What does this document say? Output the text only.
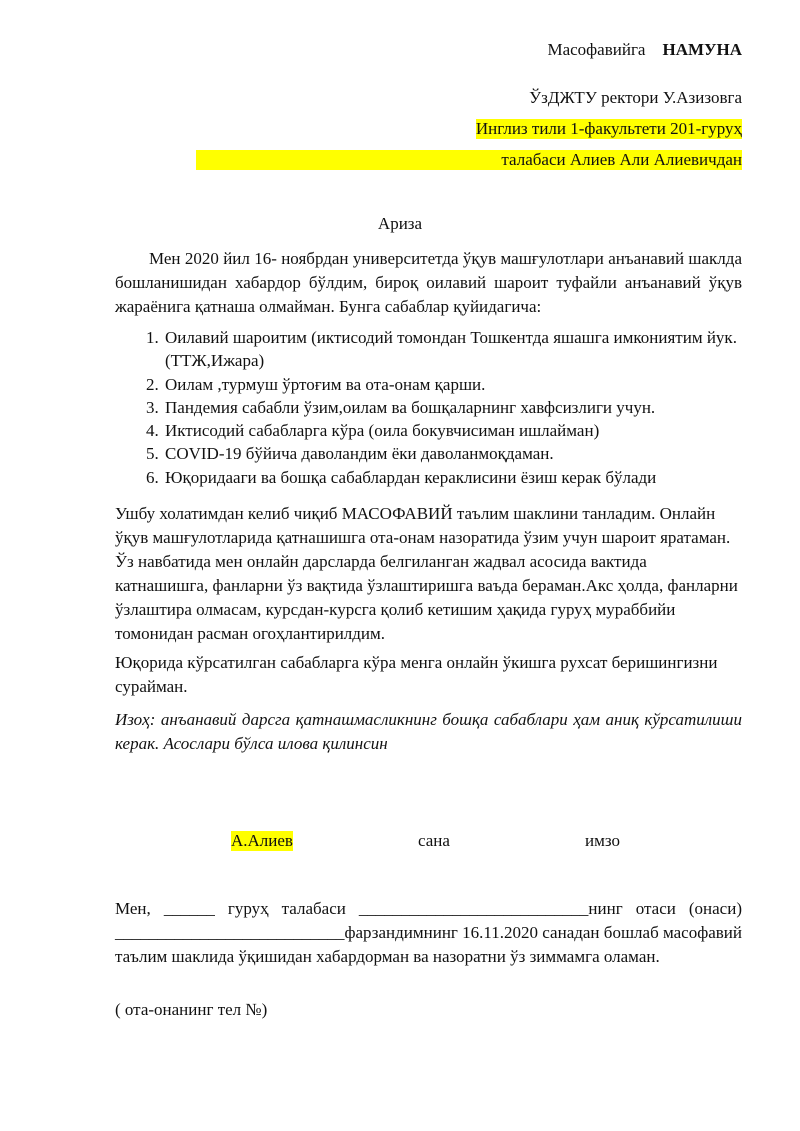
Масофавийга НАМУНА
ЎзДЖТУ ректори У.Азизовга
Инглиз тили 1-факультети 201-гуруҳ
талабаси Алиев Али Алиевичдан
Ариза

Мен 2020 йил 16- ноябрдан университетда ўқув машғулотлари анъанавий шаклда бошланишидан хабардор бўлдим, бироқ оилавий шароит туфайли анъанавий ўқув жараёнига қатнаша олмайман. Бунга сабаблар қуйидагича:

1. Оилавий шароитим (иктисодий томондан Тошкентда яшашга имкониятим йук. (ТТЖ,Ижара)
2. Оилам ,турмуш ўртоғим ва ота-онам қарши.
3. Пандемия сабабли ўзим,оилам ва бошқаларнинг хавфсизлиги учун.
4. Иктисодий сабабларга кўра (оила бокувчисиман ишлайман)
5. COVID-19 бўйича даволандим ёки даволанмоқдаман.
6. Юқоридааги ва бошқа сабаблардан кераклисини ёзиш керак бўлади

Ушбу холатимдан келиб чиқиб МАСОФАВИЙ таълим шаклини танладим. Онлайн ўқув машғулотларида қатнашишга ота-онам назоратида ўзим учун шароит яратаман. Ўз навбатида мен онлайн дарсларда белгиланган жадвал асосида вактида катнашишга, фанларни ўз вақтида ўзлаштиришга ваъда бераман.Акс ҳолда, фанларни ўзлаштира олмасам, курсдан-курсга қолиб кетишим ҳақида гуруҳ мураббийи томонидан расман огоҳлантирилдим.

Юқорида кўрсатилган сабабларга кўра менга онлайн ўкишга рухсат беришингизни сурайман.

Изоҳ: анъанавий дарсга қатнашмасликнинг бошқа сабаблари ҳам аниқ кўрсатилиши керак. Асослари бўлса илова қилинсин

А.Алиев	сана	имзо

Мен, ______ гуруҳ талабаси ___________________________нинг отаси (онаси) ___________________________фарзандимнинг 16.11.2020 санадан бошлаб масофавий таълим шаклида ўқишидан хабардорман ва назоратни ўз зиммамга оламан.

( ота-онанинг тел №)
